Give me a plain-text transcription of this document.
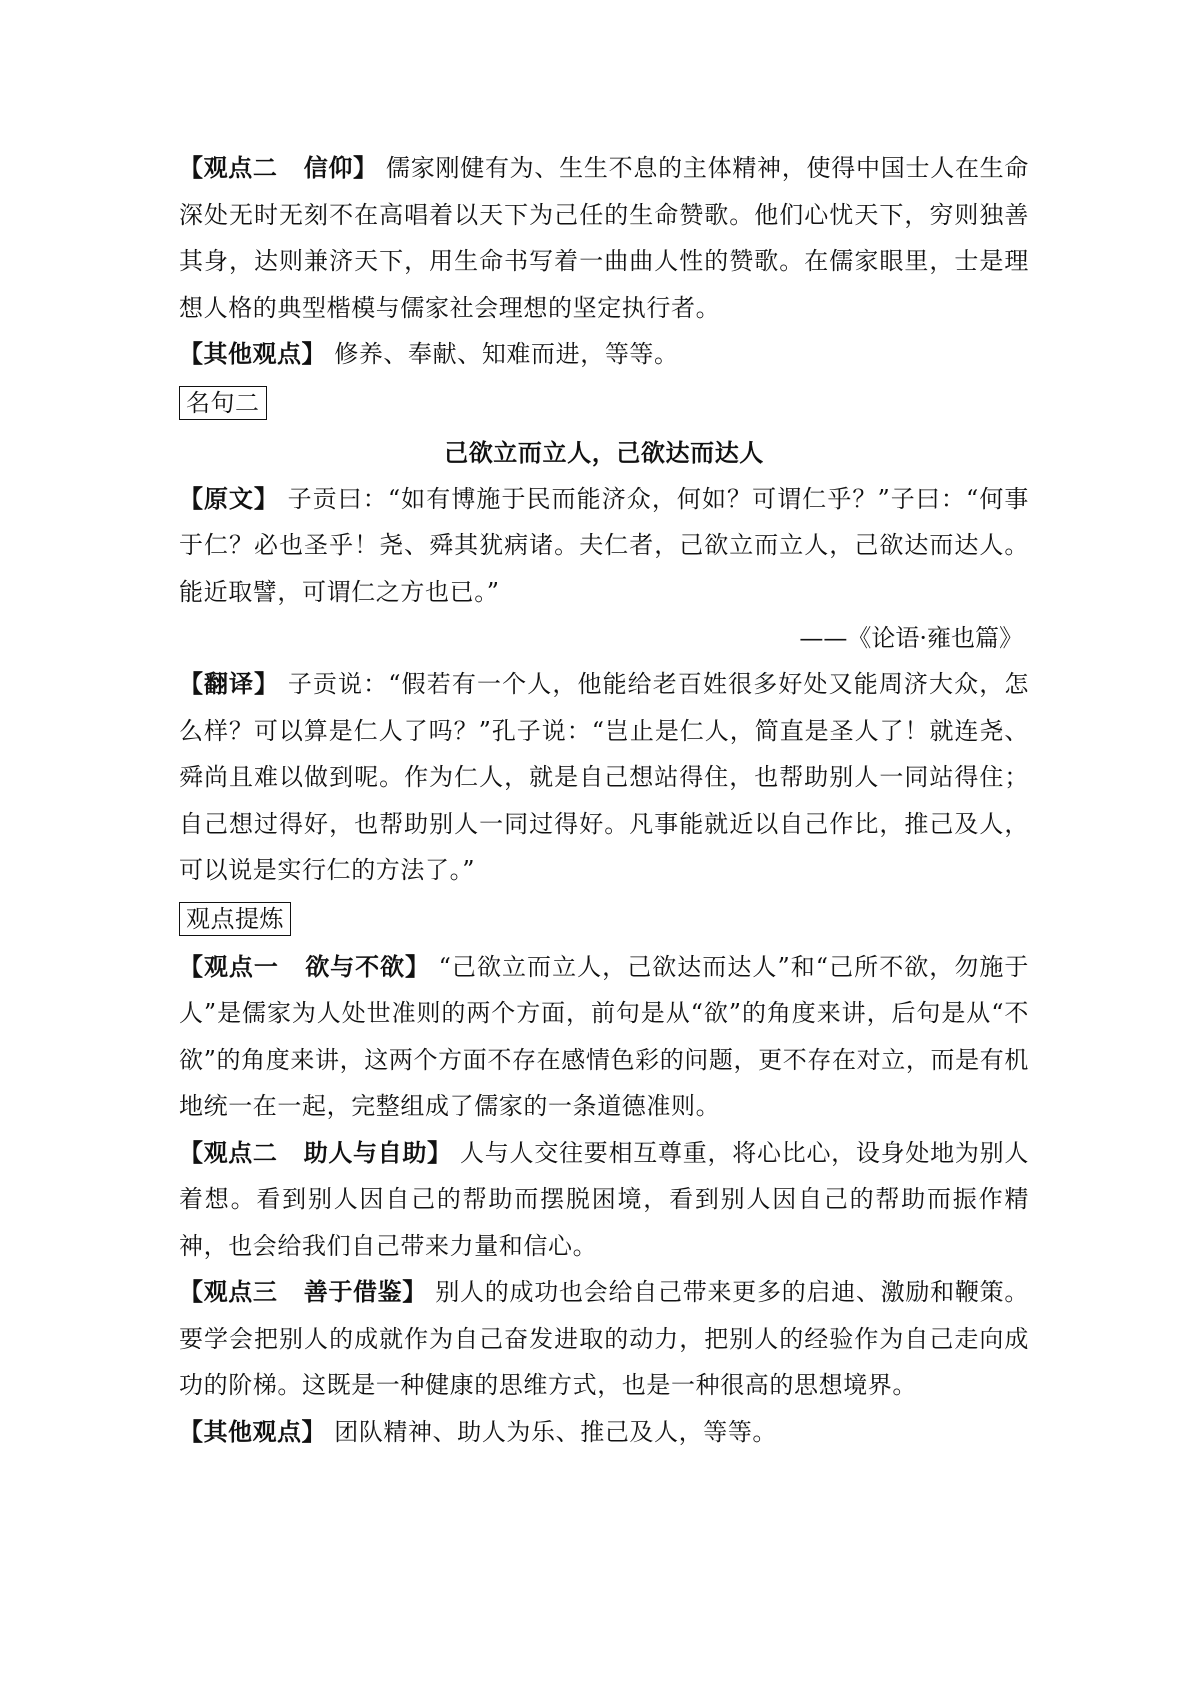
【观点二 信仰】 儒家刚健有为、生生不息的主体精神，使得中国士人在生命深处无时无刻不在高唱着以天下为己任的生命赞歌。他们心忧天下，穷则独善其身，达则兼济天下，用生命书写着一曲曲人性的赞歌。在儒家眼里，士是理想人格的典型楷模与儒家社会理想的坚定执行者。

【其他观点】 修养、奉献、知难而进，等等。

名句二

己欲立而立人，己欲达而达人

【原文】 子贡曰：“如有博施于民而能济众，何如？可谓仁乎？”子曰：“何事于仁？必也圣乎！尧、舜其犹病诸。夫仁者，己欲立而立人，己欲达而达人。能近取譬，可谓仁之方也已。”

——《论语·雍也篇》

【翻译】 子贡说：“假若有一个人，他能给老百姓很多好处又能周济大众，怎么样？可以算是仁人了吗？”孔子说：“岂止是仁人，简直是圣人了！就连尧、舜尚且难以做到呢。作为仁人，就是自己想站得住，也帮助别人一同站得住；自己想过得好，也帮助别人一同过得好。凡事能就近以自己作比，推己及人，可以说是实行仁的方法了。”

观点提炼

【观点一 欲与不欲】 “己欲立而立人，己欲达而达人”和“己所不欲，勿施于人”是儒家为人处世准则的两个方面，前句是从“欲”的角度来讲，后句是从“不欲”的角度来讲，这两个方面不存在感情色彩的问题，更不存在对立，而是有机地统一在一起，完整组成了儒家的一条道德准则。

【观点二 助人与自助】 人与人交往要相互尊重，将心比心，设身处地为别人着想。看到别人因自己的帮助而摆脱困境，看到别人因自己的帮助而振作精神，也会给我们自己带来力量和信心。

【观点三 善于借鉴】 别人的成功也会给自己带来更多的启迪、激励和鞭策。要学会把别人的成就作为自己奋发进取的动力，把别人的经验作为自己走向成功的阶梯。这既是一种健康的思维方式，也是一种很高的思想境界。

【其他观点】 团队精神、助人为乐、推己及人，等等。
